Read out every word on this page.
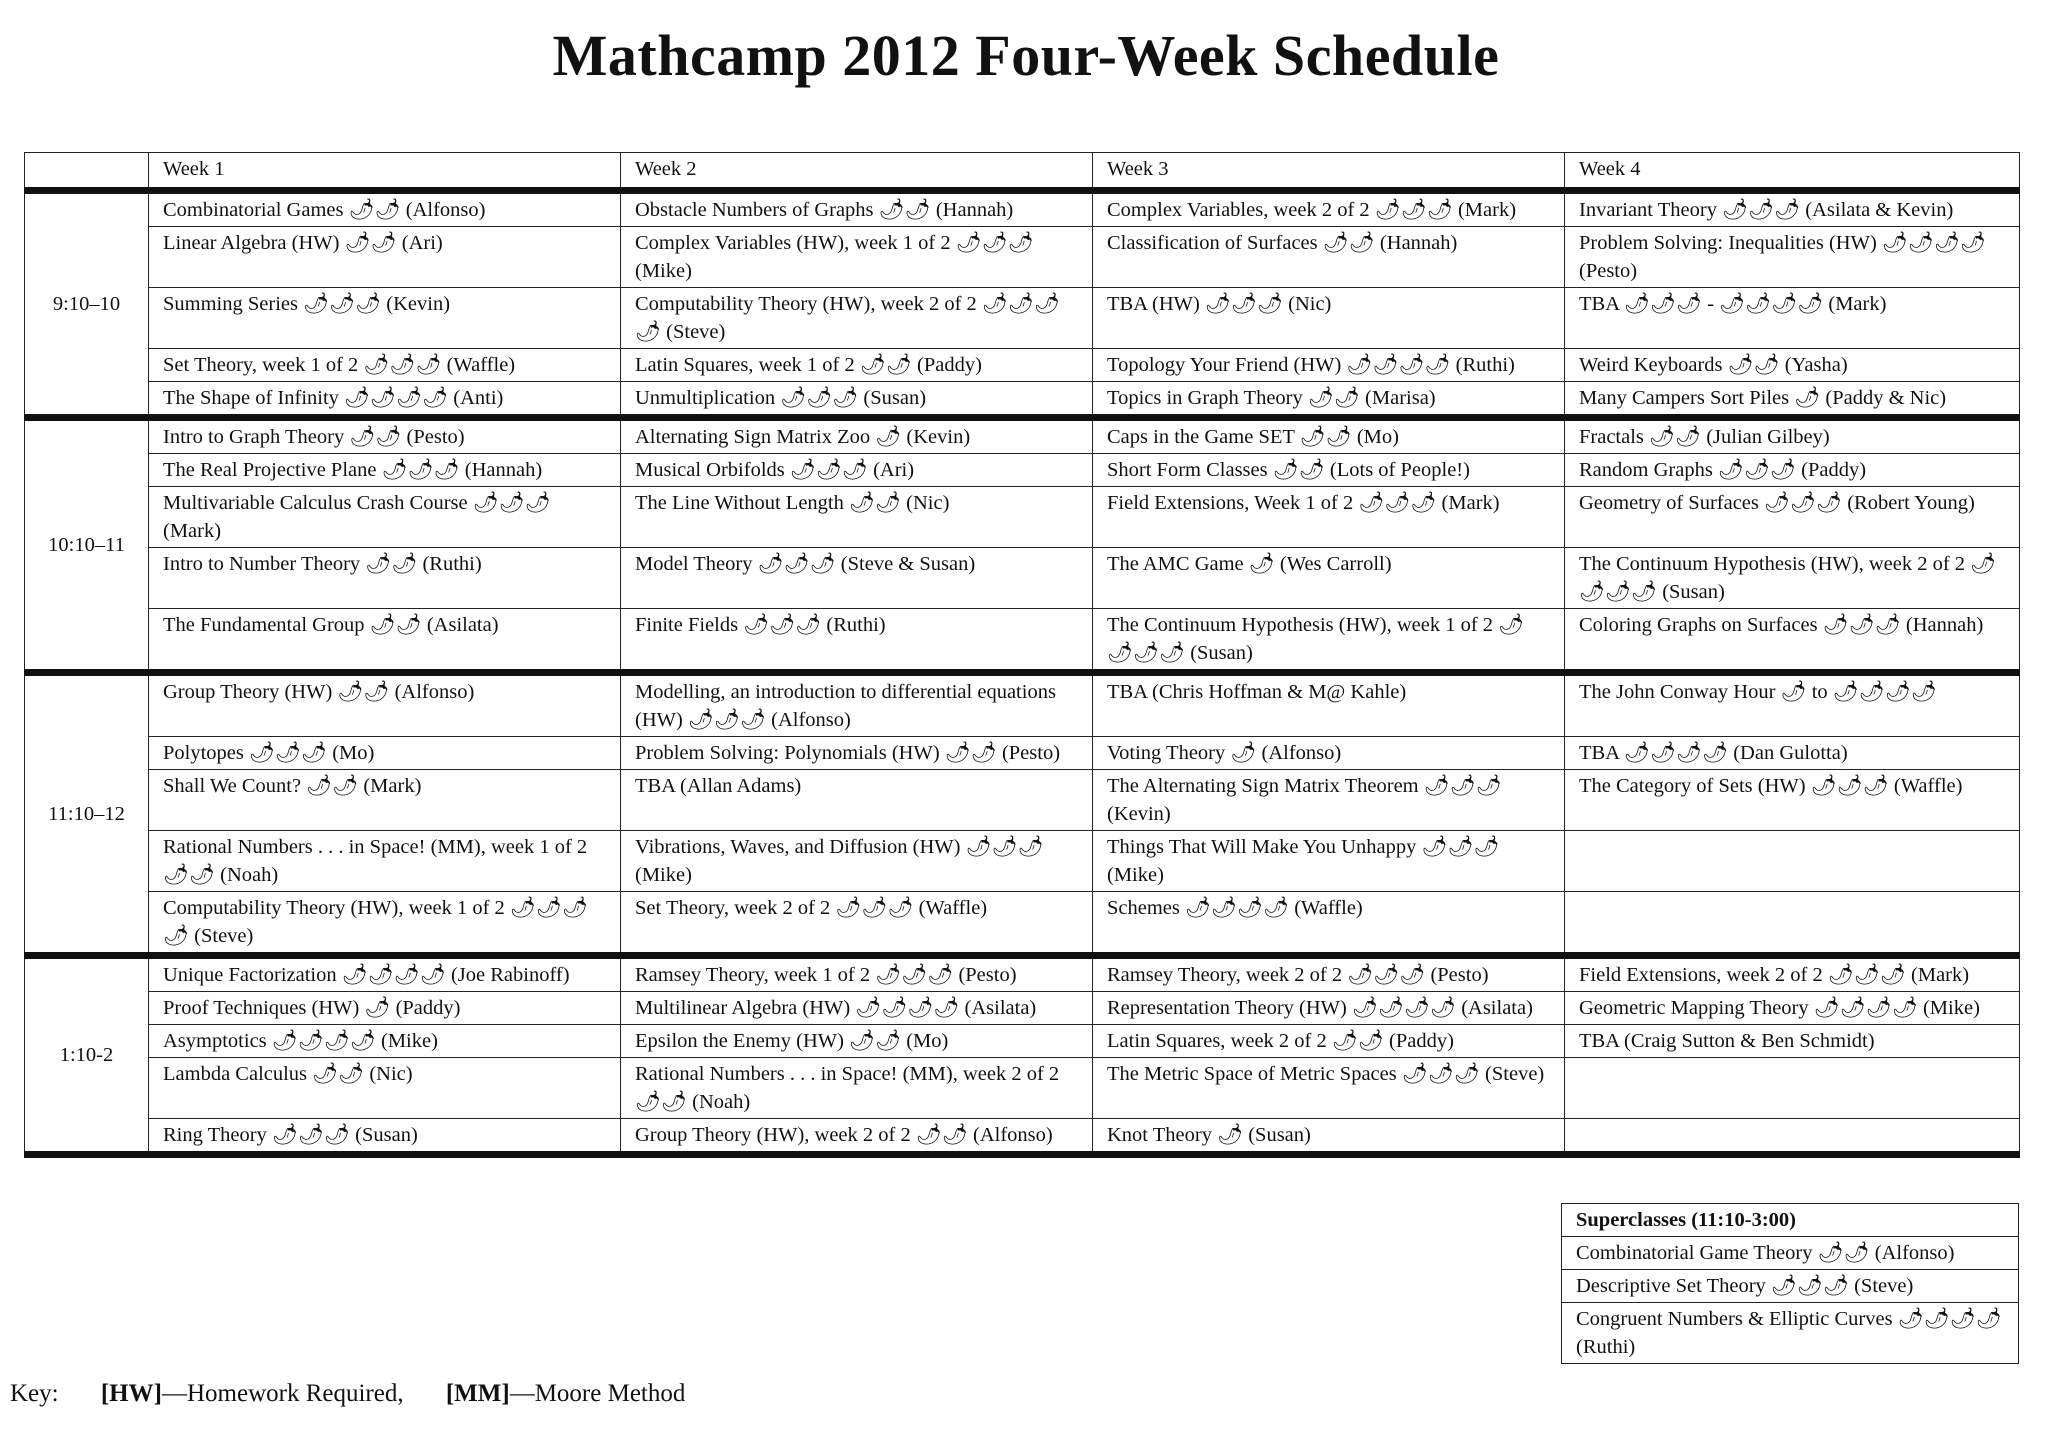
Mathcamp 2012 Four-Week Schedule
	Week 1	Week 2	Week 3	Week 4
9:10–10	Combinatorial Games 🌶🌶 (Alfonso)	Obstacle Numbers of Graphs 🌶🌶 (Hannah)	Complex Variables, week 2 of 2 🌶🌶🌶 (Mark)	Invariant Theory 🌶🌶🌶 (Asilata & Kevin)
	Linear Algebra (HW) 🌶🌶 (Ari)	Complex Variables (HW), week 1 of 2 🌶🌶🌶 (Mike)	Classification of Surfaces 🌶🌶 (Hannah)	Problem Solving: Inequalities (HW) 🌶🌶🌶🌶 (Pesto)
	Summing Series 🌶🌶🌶 (Kevin)	Computability Theory (HW), week 2 of 2 🌶🌶🌶🌶 (Steve)	TBA (HW) 🌶🌶🌶 (Nic)	TBA 🌶🌶🌶 - 🌶🌶🌶🌶 (Mark)
	Set Theory, week 1 of 2 🌶🌶🌶 (Waffle)	Latin Squares, week 1 of 2 🌶🌶 (Paddy)	Topology Your Friend (HW) 🌶🌶🌶🌶 (Ruthi)	Weird Keyboards 🌶🌶 (Yasha)
	The Shape of Infinity 🌶🌶🌶🌶 (Anti)	Unmultiplication 🌶🌶🌶 (Susan)	Topics in Graph Theory 🌶🌶 (Marisa)	Many Campers Sort Piles 🌶 (Paddy & Nic)
10:10–11	Intro to Graph Theory 🌶🌶 (Pesto)	Alternating Sign Matrix Zoo 🌶 (Kevin)	Caps in the Game SET 🌶🌶 (Mo)	Fractals 🌶🌶 (Julian Gilbey)
	The Real Projective Plane 🌶🌶🌶 (Hannah)	Musical Orbifolds 🌶🌶🌶 (Ari)	Short Form Classes 🌶🌶 (Lots of People!)	Random Graphs 🌶🌶🌶 (Paddy)
	Multivariable Calculus Crash Course 🌶🌶🌶 (Mark)	The Line Without Length 🌶🌶 (Nic)	Field Extensions, Week 1 of 2 🌶🌶🌶 (Mark)	Geometry of Surfaces 🌶🌶🌶 (Robert Young)
	Intro to Number Theory 🌶🌶 (Ruthi)	Model Theory 🌶🌶🌶 (Steve & Susan)	The AMC Game 🌶 (Wes Carroll)	The Continuum Hypothesis (HW), week 2 of 2 🌶🌶🌶🌶 (Susan)
	The Fundamental Group 🌶🌶 (Asilata)	Finite Fields 🌶🌶🌶 (Ruthi)	The Continuum Hypothesis (HW), week 1 of 2 🌶🌶🌶🌶 (Susan)	Coloring Graphs on Surfaces 🌶🌶🌶 (Hannah)
11:10–12	Group Theory (HW) 🌶🌶 (Alfonso)	Modelling, an introduction to differential equations (HW) 🌶🌶🌶 (Alfonso)	TBA (Chris Hoffman & M@ Kahle)	The John Conway Hour 🌶 to 🌶🌶🌶🌶
	Polytopes 🌶🌶🌶 (Mo)	Problem Solving: Polynomials (HW) 🌶🌶 (Pesto)	Voting Theory 🌶 (Alfonso)	TBA 🌶🌶🌶🌶 (Dan Gulotta)
	Shall We Count? 🌶🌶 (Mark)	TBA (Allan Adams)	The Alternating Sign Matrix Theorem 🌶🌶🌶 (Kevin)	The Category of Sets (HW) 🌶🌶🌶 (Waffle)
	Rational Numbers . . . in Space! (MM), week 1 of 2 🌶🌶 (Noah)	Vibrations, Waves, and Diffusion (HW) 🌶🌶🌶 (Mike)	Things That Will Make You Unhappy 🌶🌶🌶 (Mike)	
	Computability Theory (HW), week 1 of 2 🌶🌶🌶🌶 (Steve)	Set Theory, week 2 of 2 🌶🌶🌶 (Waffle)	Schemes 🌶🌶🌶🌶 (Waffle)	
1:10-2	Unique Factorization 🌶🌶🌶🌶 (Joe Rabinoff)	Ramsey Theory, week 1 of 2 🌶🌶🌶 (Pesto)	Ramsey Theory, week 2 of 2 🌶🌶🌶 (Pesto)	Field Extensions, week 2 of 2 🌶🌶🌶 (Mark)
	Proof Techniques (HW) 🌶 (Paddy)	Multilinear Algebra (HW) 🌶🌶🌶🌶 (Asilata)	Representation Theory (HW) 🌶🌶🌶🌶 (Asilata)	Geometric Mapping Theory 🌶🌶🌶🌶 (Mike)
	Asymptotics 🌶🌶🌶🌶 (Mike)	Epsilon the Enemy (HW) 🌶🌶 (Mo)	Latin Squares, week 2 of 2 🌶🌶 (Paddy)	TBA (Craig Sutton & Ben Schmidt)
	Lambda Calculus 🌶🌶 (Nic)	Rational Numbers . . . in Space! (MM), week 2 of 2 🌶🌶 (Noah)	The Metric Space of Metric Spaces 🌶🌶🌶 (Steve)	
	Ring Theory 🌶🌶🌶 (Susan)	Group Theory (HW), week 2 of 2 🌶🌶 (Alfonso)	Knot Theory 🌶 (Susan)	
Superclasses (11:10-3:00)
Combinatorial Game Theory 🌶🌶 (Alfonso)
Descriptive Set Theory 🌶🌶🌶 (Steve)
Congruent Numbers & Elliptic Curves 🌶🌶🌶🌶 (Ruthi)
Key: [HW]—Homework Required, [MM]—Moore Method
